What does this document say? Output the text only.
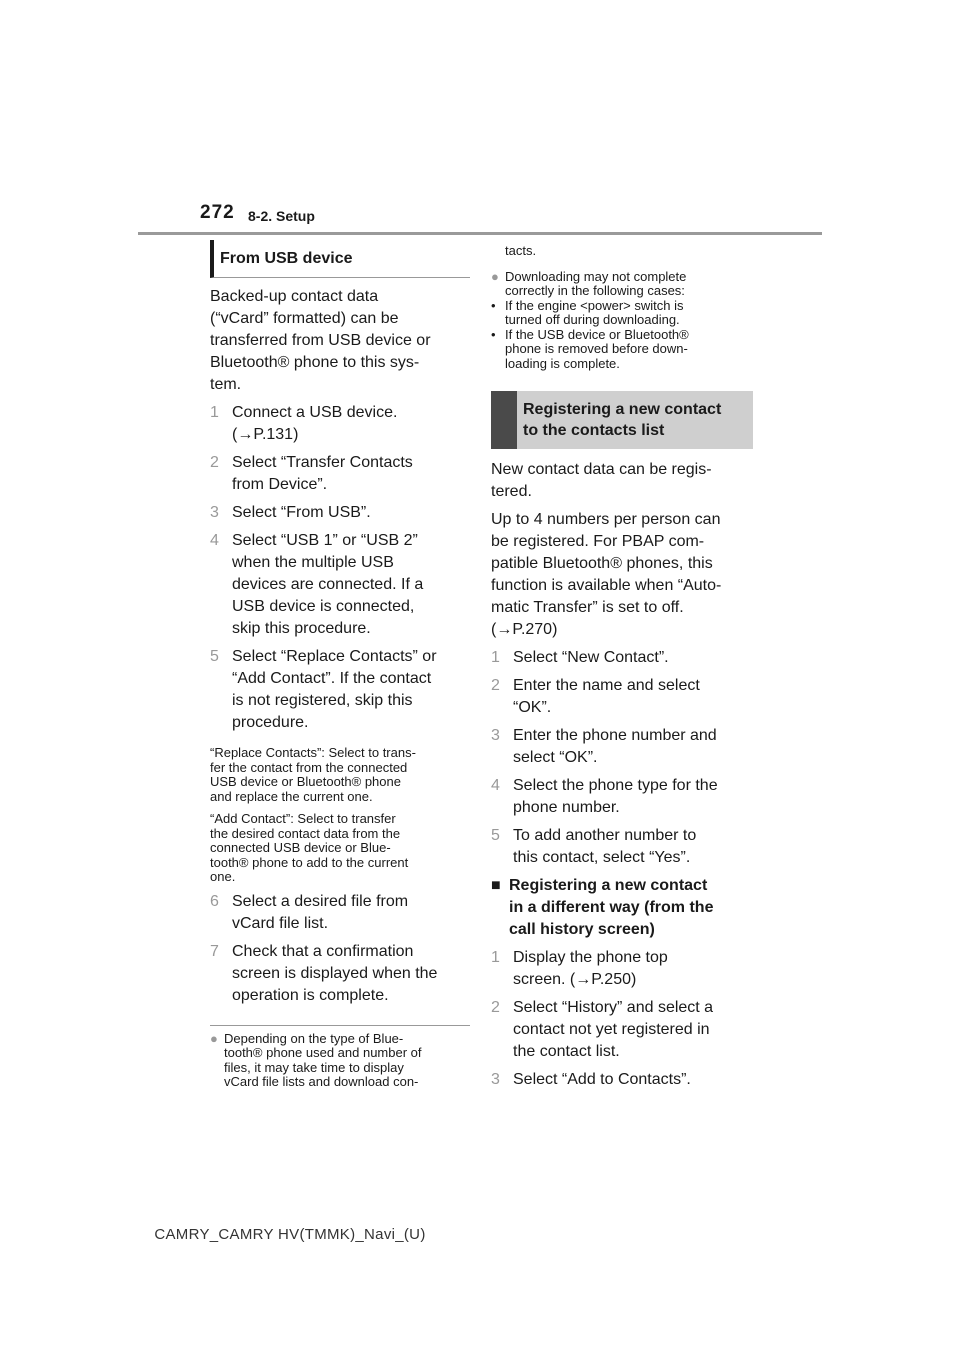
272 8-2. Setup
From USB device

Backed-up contact data
(“vCard” formatted) can be
transferred from USB device or
Bluetooth® phone to this sys-
tem.

1 Connect a USB device.
(→P.131)
2 Select “Transfer Contacts
from Device”.
3 Select “From USB”.
4 Select “USB 1” or “USB 2”
when the multiple USB
devices are connected. If a
USB device is connected,
skip this procedure.
5 Select “Replace Contacts” or
“Add Contact”. If the contact
is not registered, skip this
procedure.

“Replace Contacts”: Select to trans-
fer the contact from the connected
USB device or Bluetooth® phone
and replace the current one.

“Add Contact”: Select to transfer
the desired contact data from the
connected USB device or Blue-
tooth® phone to add to the current
one.

6 Select a desired file from
vCard file list.
7 Check that a confirmation
screen is displayed when the
operation is complete.
● Depending on the type of Blue-
tooth® phone used and number of
files, it may take time to display
vCard file lists and download con-

tacts.

● Downloading may not complete
correctly in the following cases:
• If the engine <power> switch is
turned off during downloading.
• If the USB device or Bluetooth®
phone is removed before down-
loading is complete.
Registering a new contact
to the contacts list

New contact data can be regis-
tered.

Up to 4 numbers per person can
be registered. For PBAP com-
patible Bluetooth® phones, this
function is available when “Auto-
matic Transfer” is set to off.
(→P.270)

1 Select “New Contact”.
2 Enter the name and select
“OK”.
3 Enter the phone number and
select “OK”.
4 Select the phone type for the
phone number.
5 To add another number to
this contact, select “Yes”.
■ Registering a new contact
in a different way (from the
call history screen)
1 Display the phone top
screen. (→P.250)
2 Select “History” and select a
contact not yet registered in
the contact list.
3 Select “Add to Contacts”.
CAMRY_CAMRY HV(TMMK)_Navi_(U)
